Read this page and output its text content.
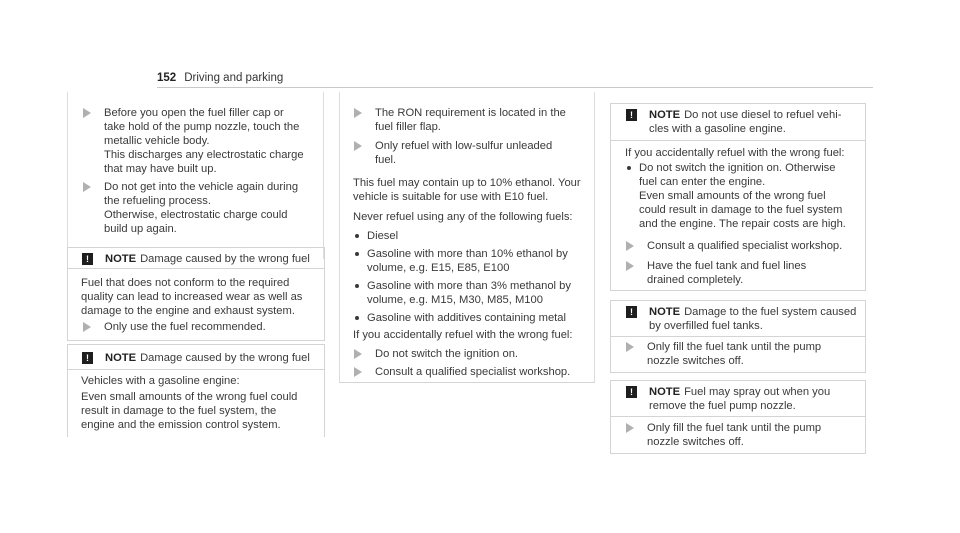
152 Driving and parking
Before you open the fuel filler cap or
take hold of the pump nozzle, touch the
metallic vehicle body.
This discharges any electrostatic charge
that may have built up.
Do not get into the vehicle again during
the refueling process.
Otherwise, electrostatic charge could
build up again.
!	NOTE Damage caused by the wrong fuel
Fuel that does not conform to the required
quality can lead to increased wear as well as
damage to the engine and exhaust system.
Only use the fuel recommended.
!	NOTE Damage caused by the wrong fuel
Vehicles with a gasoline engine:
Even small amounts of the wrong fuel could
result in damage to the fuel system, the
engine and the emission control system.
The RON requirement is located in the
fuel filler flap.
Only refuel with low-sulfur unleaded
fuel.
This fuel may contain up to 10% ethanol. Your
vehicle is suitable for use with E10 fuel.
Never refuel using any of the following fuels:
Diesel
Gasoline with more than 10% ethanol by
volume, e.g. E15, E85, E100
Gasoline with more than 3% methanol by
volume, e.g. M15, M30, M85, M100
Gasoline with additives containing metal
If you accidentally refuel with the wrong fuel:
Do not switch the ignition on.
Consult a qualified specialist workshop.
!	NOTE Do not use diesel to refuel vehi-
cles with a gasoline engine.
If you accidentally refuel with the wrong fuel:
Do not switch the ignition on. Otherwise
fuel can enter the engine.
Even small amounts of the wrong fuel
could result in damage to the fuel system
and the engine. The repair costs are high.
Consult a qualified specialist workshop.
Have the fuel tank and fuel lines
drained completely.
!	NOTE Damage to the fuel system caused
by overfilled fuel tanks.
Only fill the fuel tank until the pump
nozzle switches off.
!	NOTE Fuel may spray out when you
remove the fuel pump nozzle.
Only fill the fuel tank until the pump
nozzle switches off.
